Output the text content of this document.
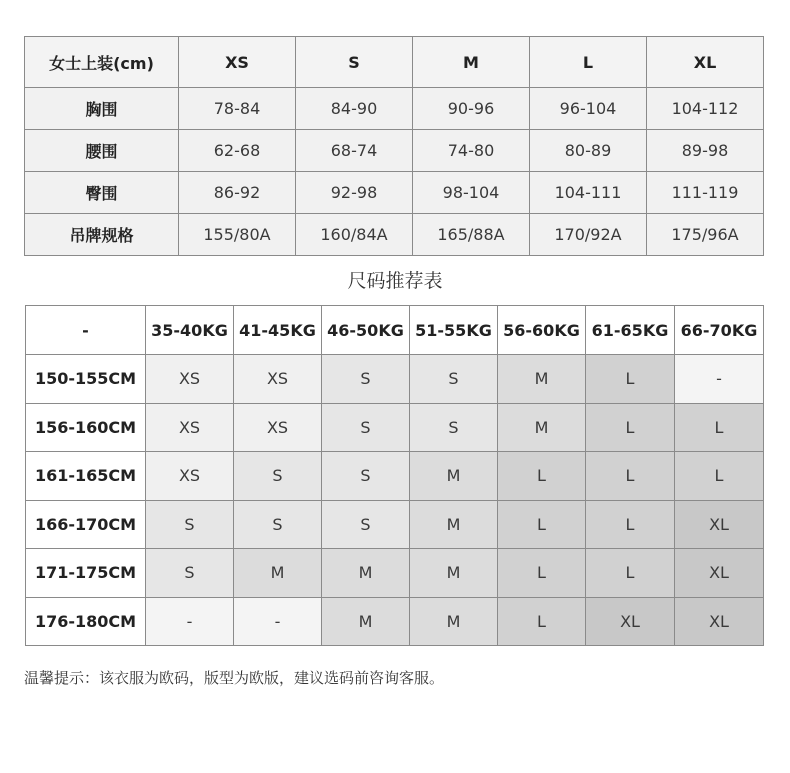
女士上装(cm)	XS	S	M	L	XL
胸围	78-84	84-90	90-96	96-104	104-112
腰围	62-68	68-74	74-80	80-89	89-98
臀围	86-92	92-98	98-104	104-111	111-119
吊牌规格	155/80A	160/84A	165/88A	170/92A	175/96A
尺码推荐表
-	35-40KG	41-45KG	46-50KG	51-55KG	56-60KG	61-65KG	66-70KG
150-155CM	XS	XS	S	S	M	L	-
156-160CM	XS	XS	S	S	M	L	L
161-165CM	XS	S	S	M	L	L	L
166-170CM	S	S	S	M	L	L	XL
171-175CM	S	M	M	M	L	L	XL
176-180CM	-	-	M	M	L	XL	XL
温馨提示：该衣服为欧码，版型为欧版，建议选码前咨询客服。
